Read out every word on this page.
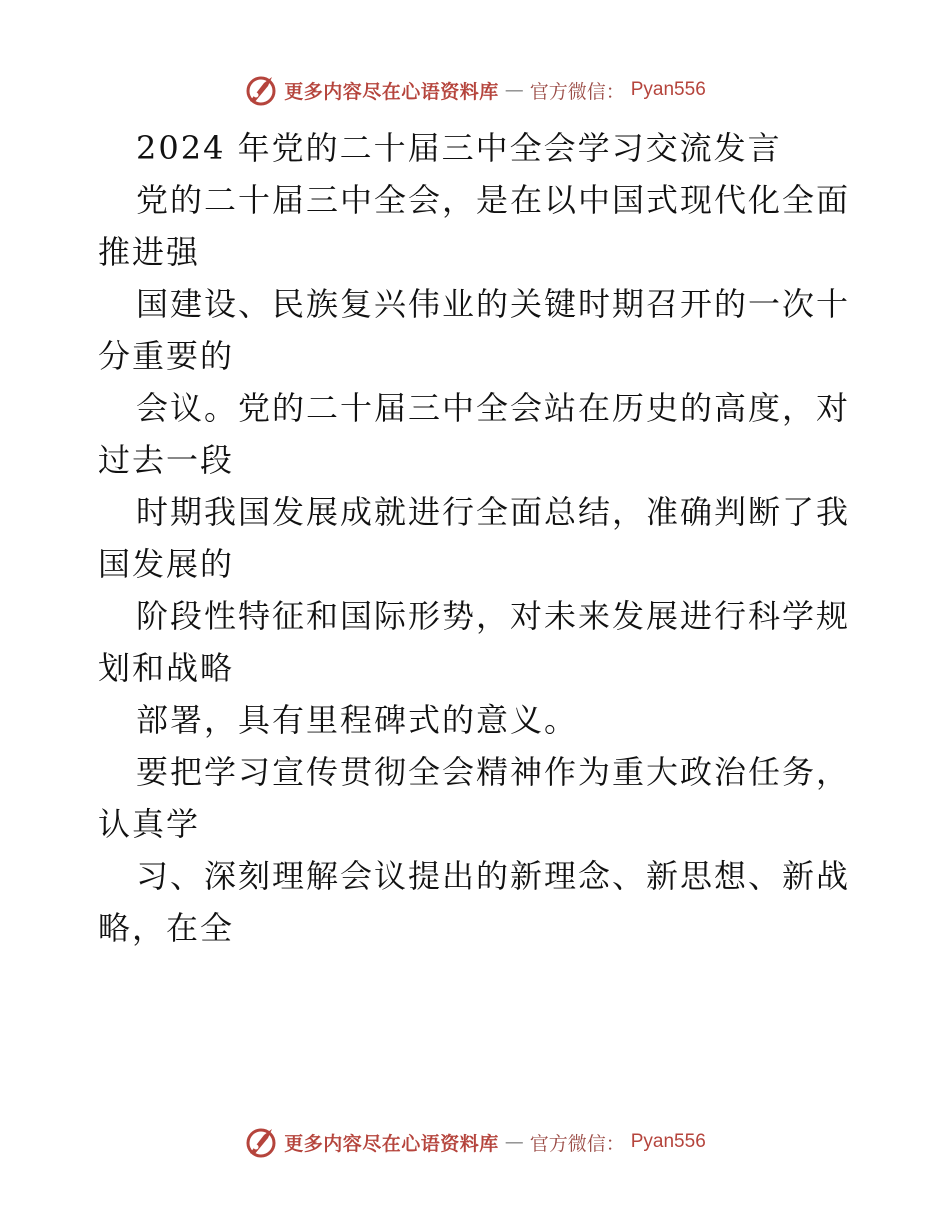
更多内容尽在心语资料库 — 官方微信： Pyan556
2024 年党的二十届三中全会学习交流发言
党的二十届三中全会，是在以中国式现代化全面
推进强
国建设、民族复兴伟业的关键时期召开的一次十
分重要的
会议。党的二十届三中全会站在历史的高度，对
过去一段
时期我国发展成就进行全面总结，准确判断了我
国发展的
阶段性特征和国际形势，对未来发展进行科学规
划和战略
部署，具有里程碑式的意义。
要把学习宣传贯彻全会精神作为重大政治任务，
认真学
习、深刻理解会议提出的新理念、新思想、新战
略，在全
更多内容尽在心语资料库 — 官方微信： Pyan556
